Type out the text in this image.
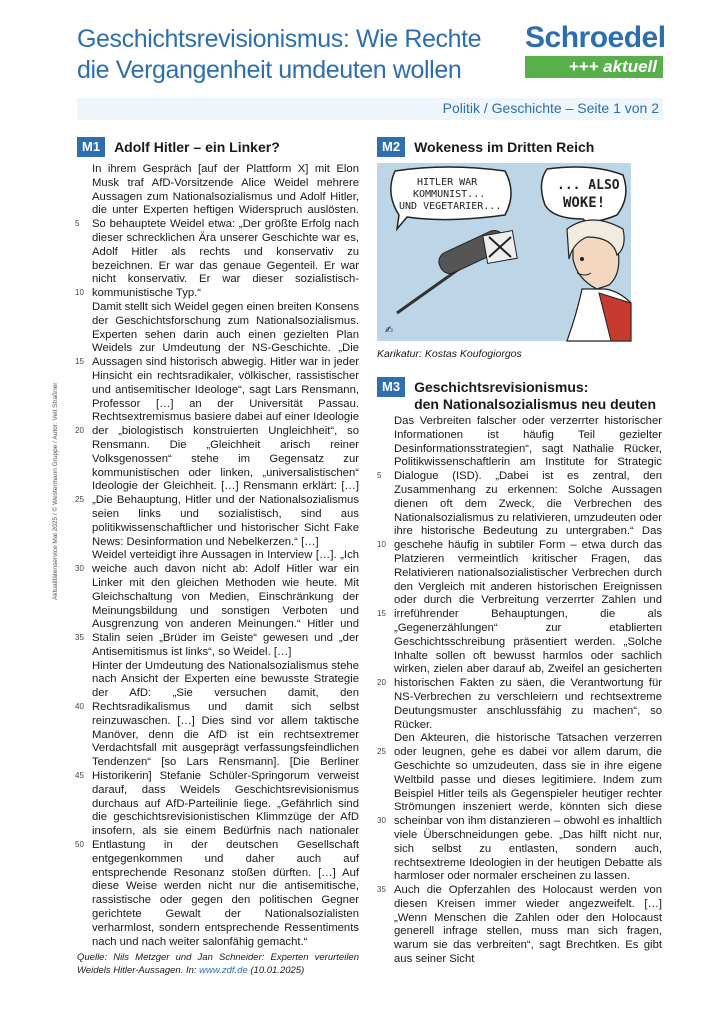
Geschichtsrevisionismus: Wie Rechte die Vergangenheit umdeuten wollen
Schroedel
+++ aktuell
Politik / Geschichte – Seite 1 von 2
Aktualitätenservice Mai 2025 / © Westermann Gruppe / Autor: Veit Straßner
M1	Adolf Hitler – ein Linker?
5
10
15
20
25
30
35
40
45
50

In ihrem Gespräch [auf der Plattform X] mit Elon Musk traf AfD-Vorsitzende Alice Weidel mehrere Aussagen zum Nationalsozialismus und Adolf Hitler, die unter Experten heftigen Widerspruch auslösten. So behauptete Weidel etwa: „Der größte Erfolg nach dieser schrecklichen Ära unserer Geschichte war es, Adolf Hitler als rechts und konservativ zu bezeichnen. Er war das genaue Gegenteil. Er war nicht konservativ. Er war dieser sozialistisch-kommunistische Typ.“

Damit stellt sich Weidel gegen einen breiten Konsens der Geschichtsforschung zum Nationalsozialismus. Experten sehen darin auch einen gezielten Plan Weidels zur Umdeutung der NS-Geschichte. „Die Aussagen sind historisch abwegig. Hitler war in jeder Hinsicht ein rechtsradikaler, völkischer, rassistischer und antisemitischer Ideologe“, sagt Lars Rensmann, Professor […] an der Universität Passau. Rechtsextremismus basiere dabei auf einer Ideologie der „biologistisch konstruierten Ungleichheit“, so Rensmann. Die „Gleichheit arisch reiner Volksgenossen“ stehe im Gegensatz zur kommunistischen oder linken, „universalistischen“ Ideologie der Gleichheit. […] Rensmann erklärt: […] „Die Behauptung, Hitler und der Nationalsozialismus seien links und sozialistisch, sind aus politikwissenschaftlicher und historischer Sicht Fake News: Desinformation und Nebelkerzen.“ […]

Weidel verteidigt ihre Aussagen in Interview […]. „Ich weiche auch davon nicht ab: Adolf Hitler war ein Linker mit den gleichen Methoden wie heute. Mit Gleichschaltung von Medien, Einschränkung der Meinungsbildung und sonstigen Verboten und Ausgrenzung von anderen Meinungen.“ Hitler und Stalin seien „Brüder im Geiste“ gewesen und „der Antisemitismus ist links“, so Weidel. […]

Hinter der Umdeutung des Nationalsozialismus stehe nach Ansicht der Experten eine bewusste Strategie der AfD: „Sie versuchen damit, den Rechtsradikalismus und damit sich selbst reinzuwaschen. […] Dies sind vor allem taktische Manöver, denn die AfD ist ein rechtsextremer Verdachtsfall mit ausgeprägt verfassungsfeindlichen Tendenzen“ [so Lars Rensmann]. [Die Berliner Historikerin] Stefanie Schüler-Springorum verweist darauf, dass Weidels Geschichtsrevisionismus durchaus auf AfD-Parteilinie liege. „Gefährlich sind die geschichtsrevisionistischen Klimmzüge der AfD insofern, als sie einem Bedürfnis nach nationaler Entlastung in der deutschen Gesellschaft entgegenkommen und daher auch auf entsprechende Resonanz stoßen dürften. […] Auf diese Weise werden nicht nur die antisemitische, rassistische oder gegen den politischen Gegner gerichtete Gewalt der Nationalsozialisten verharmlost, sondern entsprechende Ressentiments nach und nach weiter salonfähig gemacht.“

Quelle: Nils Metzger und Jan Schneider: Experten verurteilen Weidels Hitler-Aussagen. In: www.zdf.de (10.01.2025)
M2	Wokeness im Dritten Reich
HITLER WAR
KOMMUNIST...
UND VEGETARIER...
... ALSO
WOKE!
✍
Karikatur: Kostas Koufogiorgos
M3	Geschichtsrevisionismus:
den Nationalsozialismus neu deuten
5
10
15
20
25
30
35

Das Verbreiten falscher oder verzerrter historischer Informationen ist häufig Teil gezielter Desinformationsstrategien“, sagt Nathalie Rücker, Politikwissenschaftlerin am Institute for Strategic Dialogue (ISD). „Dabei ist es zentral, den Zusammenhang zu erkennen: Solche Aussagen dienen oft dem Zweck, die Verbrechen des Nationalsozialismus zu relativieren, umzudeuten oder ihre historische Bedeutung zu untergraben.“ Das geschehe häufig in subtiler Form – etwa durch das Platzieren vermeintlich kritischer Fragen, das Relativieren nationalsozialistischer Verbrechen durch den Vergleich mit anderen historischen Ereignissen oder durch die Verbreitung verzerrter Zahlen und irreführender Behauptungen, die als „Gegenerzählungen“ zur etablierten Geschichtsschreibung präsentiert werden. „Solche Inhalte sollen oft bewusst harmlos oder sachlich wirken, zielen aber darauf ab, Zweifel an gesicherten historischen Fakten zu säen, die Verantwortung für NS-Verbrechen zu verschleiern und rechtsextreme Deutungsmuster anschlussfähig zu machen“, so Rücker.

Den Akteuren, die historische Tatsachen verzerren oder leugnen, gehe es dabei vor allem darum, die Geschichte so umzudeuten, dass sie in ihre eigene Weltbild passe und dieses legitimiere. Indem zum Beispiel Hitler teils als Gegenspieler heutiger rechter Strömungen inszeniert werde, könnten sich diese scheinbar von ihm distanzieren – obwohl es inhaltlich viele Überschneidungen gebe. „Das hilft nicht nur, sich selbst zu entlasten, sondern auch, rechtsextreme Ideologien in der heutigen Debatte als harmloser oder normaler erscheinen zu lassen.

Auch die Opferzahlen des Holocaust werden von diesen Kreisen immer wieder angezweifelt. […] „Wenn Menschen die Zahlen oder den Holocaust generell infrage stellen, muss man sich fragen, warum sie das verbreiten“, sagt Brechtken. Es gibt aus seiner Sicht
